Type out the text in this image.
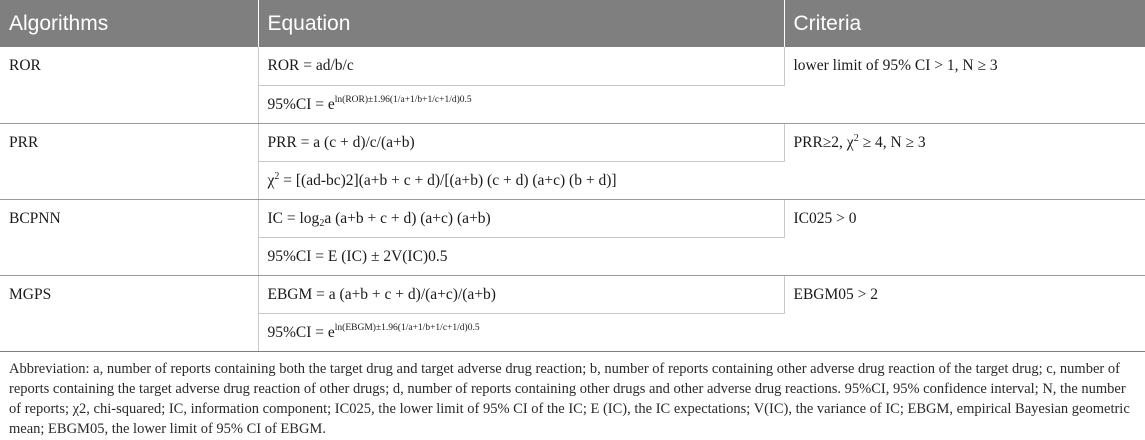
Algorithms	Equation	Criteria
ROR	ROR = ad/b/c	lower limit of 95% CI > 1, N ≥ 3
	$95\%CI = e^{ln(ROR)\pm 1.96(1/a+1/b+1/c+1/d)0.5}$
PRR	PRR = a (c + d)/c/(a+b)	PRR≥2, $\chi^2 \ge 4$, N ≥ 3
	$\chi^2 = [(ad-bc)2](a+b + c + d)/[(a+b) (c + d)$ (a+c) (b + d)]	
BCPNN	IC = $\log_2a$ (a+b + c + d) (a+c) (a+b)	IC025 > 0
	95%CI = E (IC) ± 2V(IC)0.5	
MGPS	EBGM = a (a+b + c + d)/(a+c)/(a+b)	EBGM05 > 2
	$95\%CI = e^{ln(EBGM)\pm 1.96(1/a+1/b+1/c+1/d)0.5}$
Abbreviation: a, number of reports containing both the target drug and target adverse drug reaction; b, number of reports containing other adverse drug reaction of the target drug; c, number of reports containing the target adverse drug reaction of other drugs; d, number of reports containing other drugs and other adverse drug reactions. 95%CI, 95% confidence interval; N, the number of reports; χ2, chi-squared; IC, information component; IC025, the lower limit of 95% CI of the IC; E (IC), the IC expectations; V(IC), the variance of IC; EBGM, empirical Bayesian geometric mean; EBGM05, the lower limit of 95% CI of EBGM.
